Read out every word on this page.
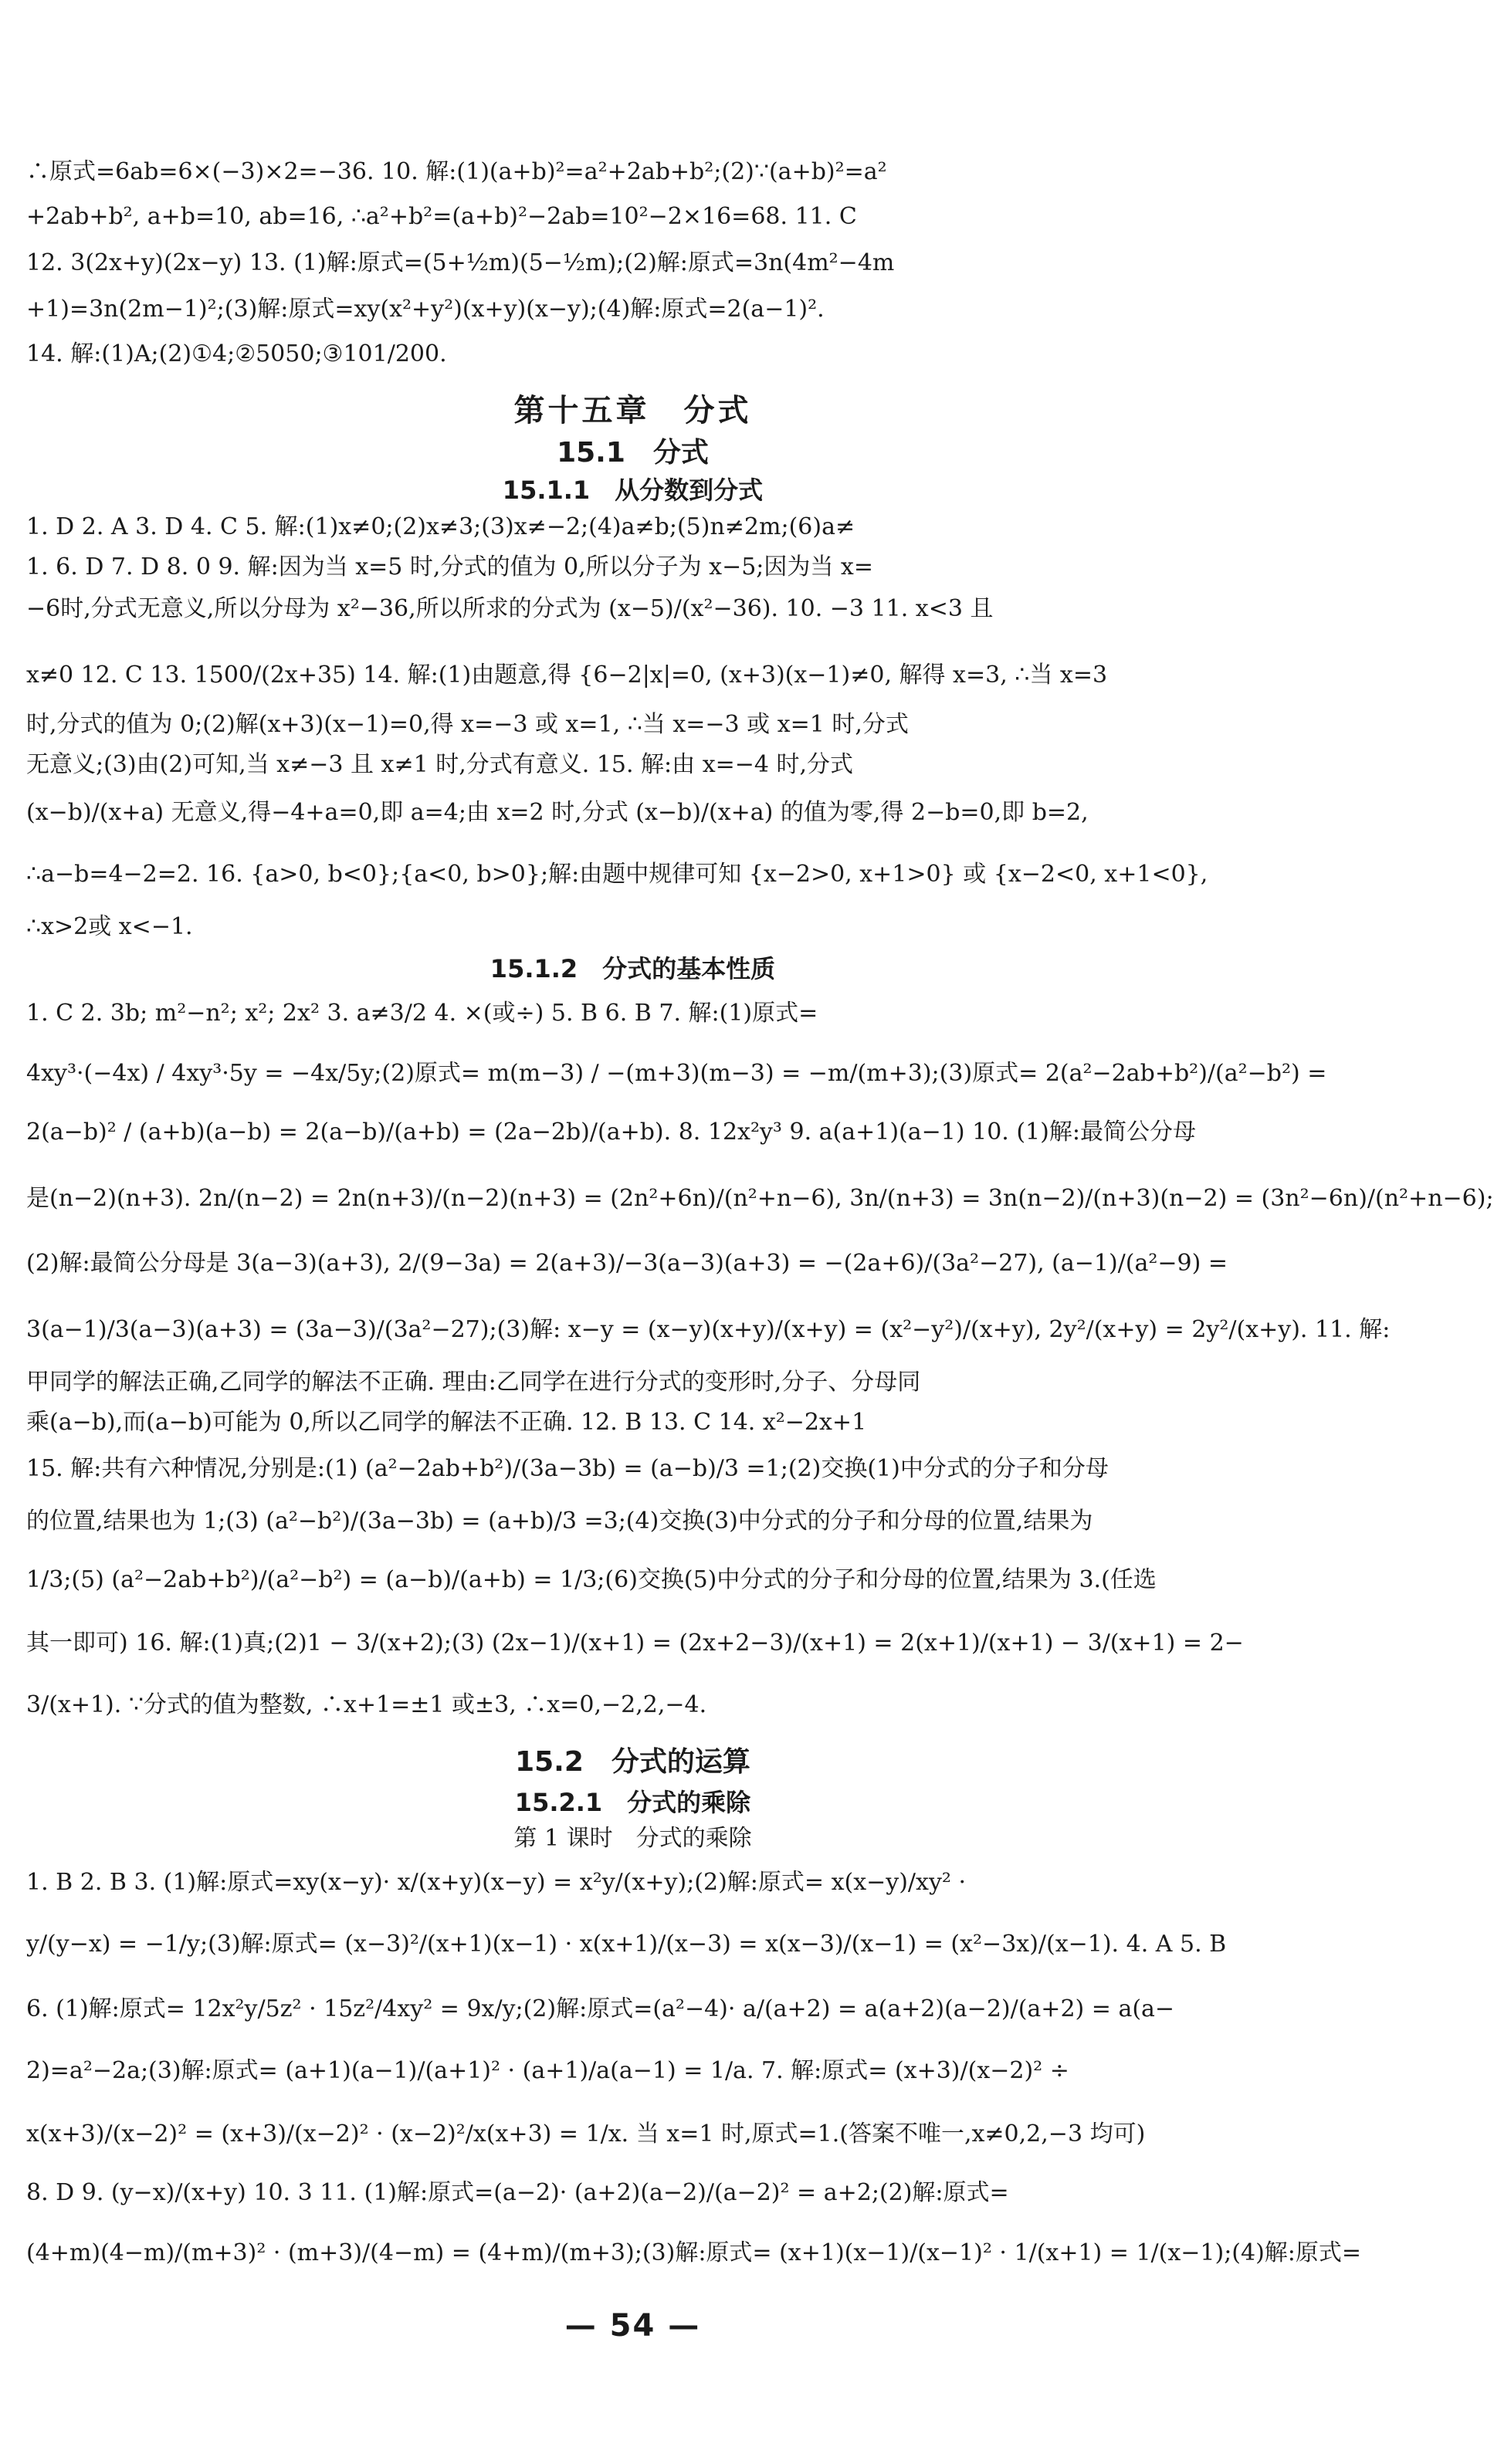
∴原式=6ab=6×(−3)×2=−36. 10. 解:(1)(a+b)²=a²+2ab+b²;(2)∵(a+b)²=a²
+2ab+b², a+b=10, ab=16, ∴a²+b²=(a+b)²−2ab=10²−2×16=68. 11. C
12. 3(2x+y)(2x−y) 13. (1)解:原式=(5+½m)(5−½m);(2)解:原式=3n(4m²−4m
+1)=3n(2m−1)²;(3)解:原式=xy(x²+y²)(x+y)(x−y);(4)解:原式=2(a−1)².
14. 解:(1)A;(2)①4;②5050;③101/200.
第十五章　分式
15.1　分式
15.1.1　从分数到分式
1. D 2. A 3. D 4. C 5. 解:(1)x≠0;(2)x≠3;(3)x≠−2;(4)a≠b;(5)n≠2m;(6)a≠
1. 6. D 7. D 8. 0 9. 解:因为当 x=5 时,分式的值为 0,所以分子为 x−5;因为当 x=
−6时,分式无意义,所以分母为 x²−36,所以所求的分式为 (x−5)/(x²−36). 10. −3 11. x<3 且
x≠0 12. C 13. 1500/(2x+35) 14. 解:(1)由题意,得 {6−2|x|=0, (x+3)(x−1)≠0, 解得 x=3, ∴当 x=3
时,分式的值为 0;(2)解(x+3)(x−1)=0,得 x=−3 或 x=1, ∴当 x=−3 或 x=1 时,分式
无意义;(3)由(2)可知,当 x≠−3 且 x≠1 时,分式有意义. 15. 解:由 x=−4 时,分式
(x−b)/(x+a) 无意义,得−4+a=0,即 a=4;由 x=2 时,分式 (x−b)/(x+a) 的值为零,得 2−b=0,即 b=2,
∴a−b=4−2=2. 16. {a>0, b<0};{a<0, b>0};解:由题中规律可知 {x−2>0, x+1>0} 或 {x−2<0, x+1<0},
∴x>2或 x<−1.
15.1.2　分式的基本性质
1. C 2. 3b; m²−n²; x²; 2x² 3. a≠3/2 4. ×(或÷) 5. B 6. B 7. 解:(1)原式=
4xy³·(−4x) / 4xy³·5y = −4x/5y;(2)原式= m(m−3) / −(m+3)(m−3) = −m/(m+3);(3)原式= 2(a²−2ab+b²)/(a²−b²) =
2(a−b)² / (a+b)(a−b) = 2(a−b)/(a+b) = (2a−2b)/(a+b). 8. 12x²y³ 9. a(a+1)(a−1) 10. (1)解:最简公分母
是(n−2)(n+3). 2n/(n−2) = 2n(n+3)/(n−2)(n+3) = (2n²+6n)/(n²+n−6), 3n/(n+3) = 3n(n−2)/(n+3)(n−2) = (3n²−6n)/(n²+n−6);
(2)解:最简公分母是 3(a−3)(a+3), 2/(9−3a) = 2(a+3)/−3(a−3)(a+3) = −(2a+6)/(3a²−27), (a−1)/(a²−9) =
3(a−1)/3(a−3)(a+3) = (3a−3)/(3a²−27);(3)解: x−y = (x−y)(x+y)/(x+y) = (x²−y²)/(x+y), 2y²/(x+y) = 2y²/(x+y). 11. 解:
甲同学的解法正确,乙同学的解法不正确. 理由:乙同学在进行分式的变形时,分子、分母同
乘(a−b),而(a−b)可能为 0,所以乙同学的解法不正确. 12. B 13. C 14. x²−2x+1
15. 解:共有六种情况,分别是:(1) (a²−2ab+b²)/(3a−3b) = (a−b)/3 =1;(2)交换(1)中分式的分子和分母
的位置,结果也为 1;(3) (a²−b²)/(3a−3b) = (a+b)/3 =3;(4)交换(3)中分式的分子和分母的位置,结果为
1/3;(5) (a²−2ab+b²)/(a²−b²) = (a−b)/(a+b) = 1/3;(6)交换(5)中分式的分子和分母的位置,结果为 3.(任选
其一即可) 16. 解:(1)真;(2)1 − 3/(x+2);(3) (2x−1)/(x+1) = (2x+2−3)/(x+1) = 2(x+1)/(x+1) − 3/(x+1) = 2−
3/(x+1). ∵分式的值为整数, ∴x+1=±1 或±3, ∴x=0,−2,2,−4.
15.2　分式的运算
15.2.1　分式的乘除
第 1 课时　分式的乘除
1. B 2. B 3. (1)解:原式=xy(x−y)· x/(x+y)(x−y) = x²y/(x+y);(2)解:原式= x(x−y)/xy² ·
y/(y−x) = −1/y;(3)解:原式= (x−3)²/(x+1)(x−1) · x(x+1)/(x−3) = x(x−3)/(x−1) = (x²−3x)/(x−1). 4. A 5. B
6. (1)解:原式= 12x²y/5z² · 15z²/4xy² = 9x/y;(2)解:原式=(a²−4)· a/(a+2) = a(a+2)(a−2)/(a+2) = a(a−
2)=a²−2a;(3)解:原式= (a+1)(a−1)/(a+1)² · (a+1)/a(a−1) = 1/a. 7. 解:原式= (x+3)/(x−2)² ÷
x(x+3)/(x−2)² = (x+3)/(x−2)² · (x−2)²/x(x+3) = 1/x. 当 x=1 时,原式=1.(答案不唯一,x≠0,2,−3 均可)
8. D 9. (y−x)/(x+y) 10. 3 11. (1)解:原式=(a−2)· (a+2)(a−2)/(a−2)² = a+2;(2)解:原式=
(4+m)(4−m)/(m+3)² · (m+3)/(4−m) = (4+m)/(m+3);(3)解:原式= (x+1)(x−1)/(x−1)² · 1/(x+1) = 1/(x−1);(4)解:原式=
— 54 —
